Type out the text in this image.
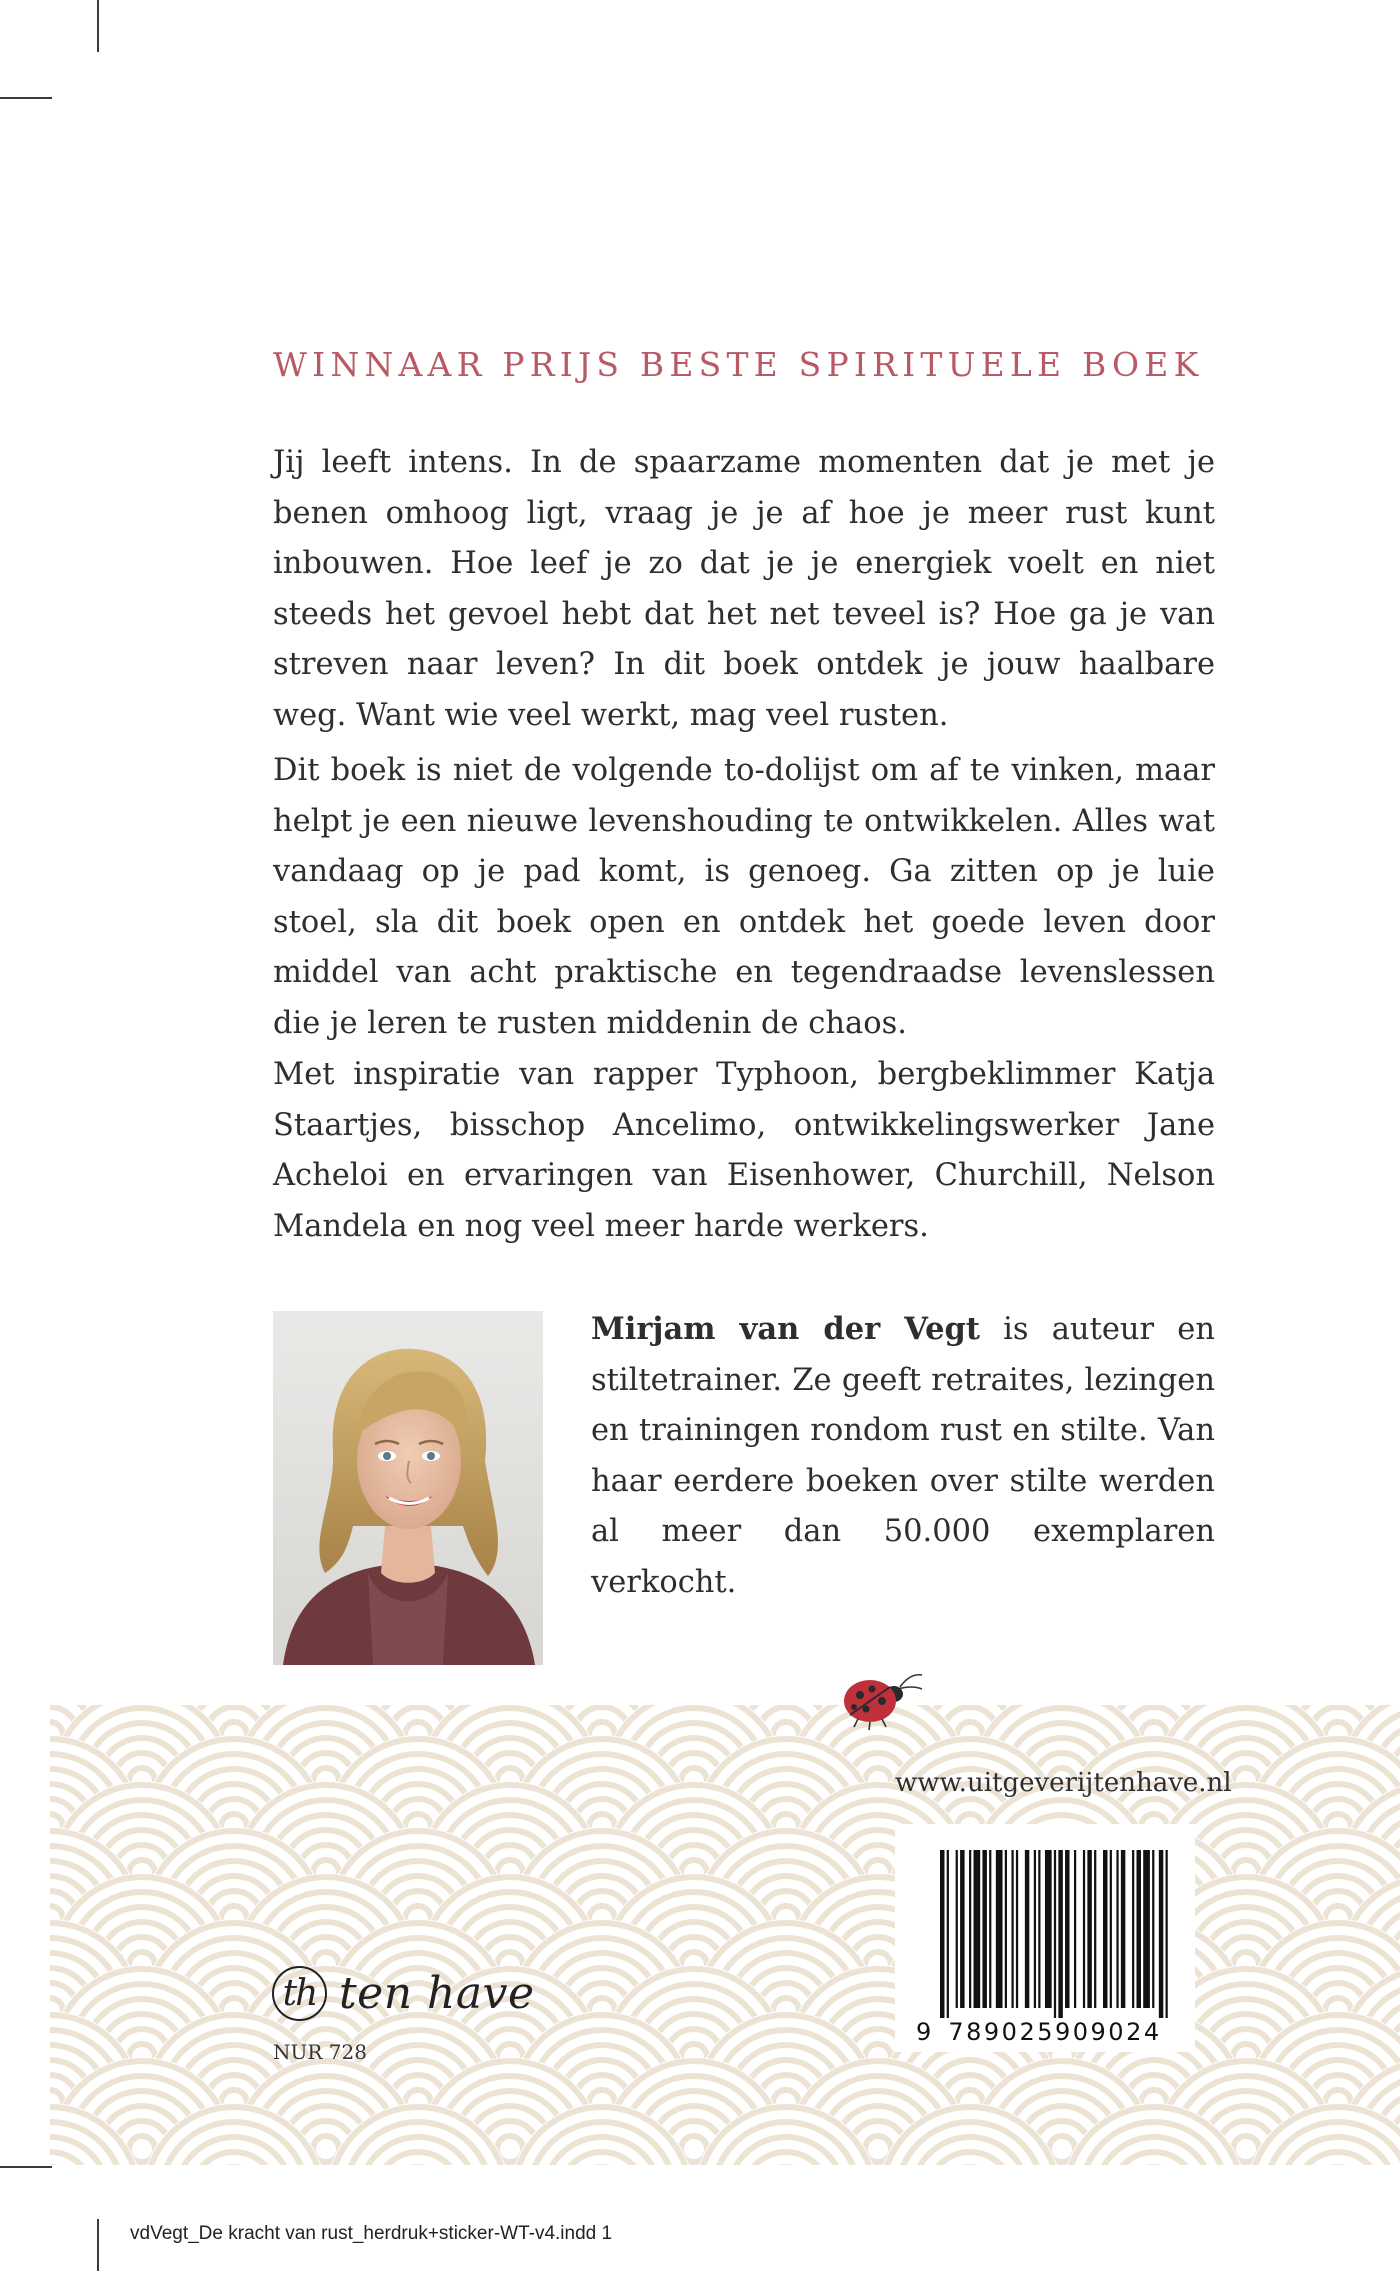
WINNAAR PRIJS BESTE SPIRITUELE BOEK

Jij leeft intens. In de spaarzame momenten dat je met je benen omhoog ligt, vraag je je af hoe je meer rust kunt inbouwen. Hoe leef je zo dat je je energiek voelt en niet steeds het gevoel hebt dat het net teveel is? Hoe ga je van streven naar leven? In dit boek ontdek je jouw haalbare weg. Want wie veel werkt, mag veel rusten.

Dit boek is niet de volgende to-dolijst om af te vinken, maar helpt je een nieuwe levenshouding te ontwikkelen. Alles wat vandaag op je pad komt, is genoeg. Ga zitten op je luie stoel, sla dit boek open en ontdek het goede leven door middel van acht praktische en tegendraadse levenslessen die je leren te rusten middenin de chaos.

Met inspiratie van rapper Typhoon, bergbeklimmer Katja Staartjes, bisschop Ancelimo, ontwikkelingswerker Jane Acheloi en ervaringen van Eisenhower, Churchill, Nelson Mandela en nog veel meer harde werkers.

Mirjam van der Vegt is auteur en stiltetrainer. Ze geeft retraites, lezingen en trainingen rondom rust en stilte. Van haar eerdere boeken over stilte werden al meer dan 50.000 exemplaren verkocht.

www.uitgeverijtenhave.nl
9 789025909024
th ten have
NUR 728
vdVegt_De kracht van rust_herdruk+sticker-WT-v4.indd 1
